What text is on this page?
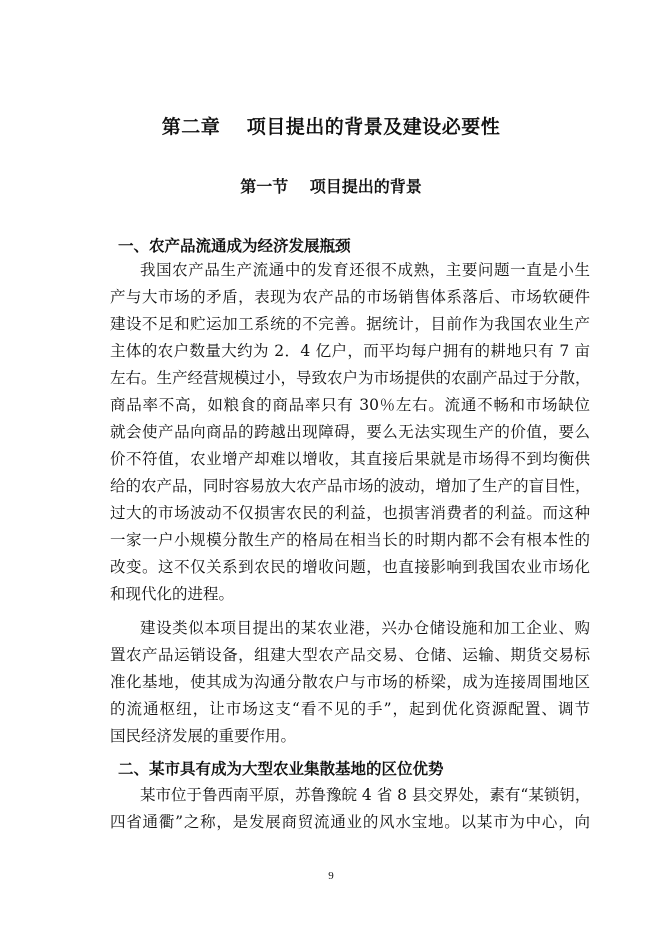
第二章　 项目提出的背景及建设必要性
第一节　 项目提出的背景
一、农产品流通成为经济发展瓶颈
我国农产品生产流通中的发育还很不成熟，主要问题一直是小生
产与大市场的矛盾，表现为农产品的市场销售体系落后、市场软硬件
建设不足和贮运加工系统的不完善。据统计，目前作为我国农业生产
主体的农户数量大约为 2．4 亿户，而平均每户拥有的耕地只有 7 亩
左右。生产经营规模过小，导致农户为市场提供的农副产品过于分散，
商品率不高，如粮食的商品率只有 30％左右。流通不畅和市场缺位
就会使产品向商品的跨越出现障碍，要么无法实现生产的价值，要么
价不符值，农业增产却难以增收，其直接后果就是市场得不到均衡供
给的农产品，同时容易放大农产品市场的波动，增加了生产的盲目性，
过大的市场波动不仅损害农民的利益，也损害消费者的利益。而这种
一家一户小规模分散生产的格局在相当长的时期内都不会有根本性的
改变。这不仅关系到农民的增收问题，也直接影响到我国农业市场化
和现代化的进程。
建设类似本项目提出的某农业港，兴办仓储设施和加工企业、购
置农产品运销设备，组建大型农产品交易、仓储、运输、期货交易标
准化基地，使其成为沟通分散农户与市场的桥梁，成为连接周围地区
的流通枢纽，让市场这支“看不见的手”，起到优化资源配置、调节
国民经济发展的重要作用。
二、某市具有成为大型农业集散基地的区位优势
某市位于鲁西南平原，苏鲁豫皖 4 省 8 县交界处，素有“某锁钥，
四省通衢”之称，是发展商贸流通业的风水宝地。以某市为中心，向
9
